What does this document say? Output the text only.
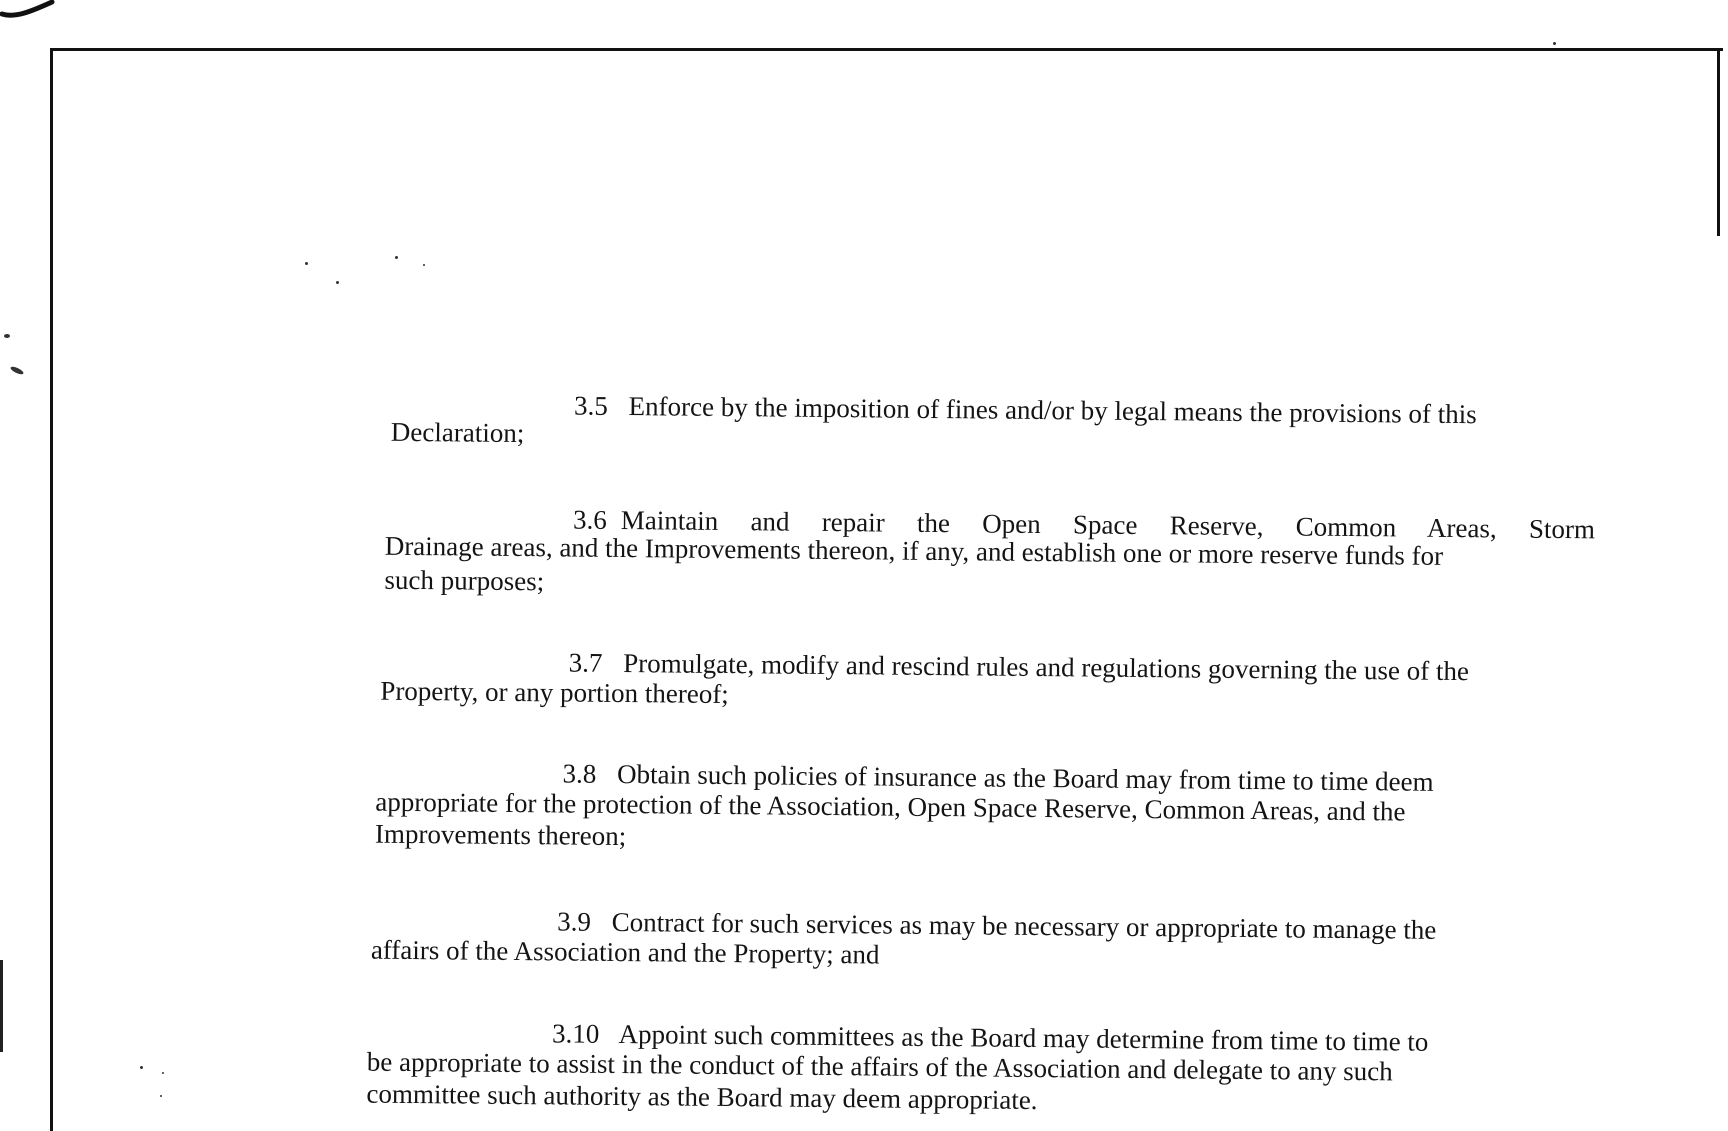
3.5 Enforce by the imposition of fines and/or by legal means the provisions of this
Declaration;
3.6 Maintain and repair the Open Space Reserve, Common Areas, Storm
Drainage areas, and the Improvements thereon, if any, and establish one or more reserve funds for
such purposes;
3.7 Promulgate, modify and rescind rules and regulations governing the use of the
Property, or any portion thereof;
3.8 Obtain such policies of insurance as the Board may from time to time deem
appropriate for the protection of the Association, Open Space Reserve, Common Areas, and the
Improvements thereon;
3.9 Contract for such services as may be necessary or appropriate to manage the
affairs of the Association and the Property; and
3.10 Appoint such committees as the Board may determine from time to time to
be appropriate to assist in the conduct of the affairs of the Association and delegate to any such
committee such authority as the Board may deem appropriate.
